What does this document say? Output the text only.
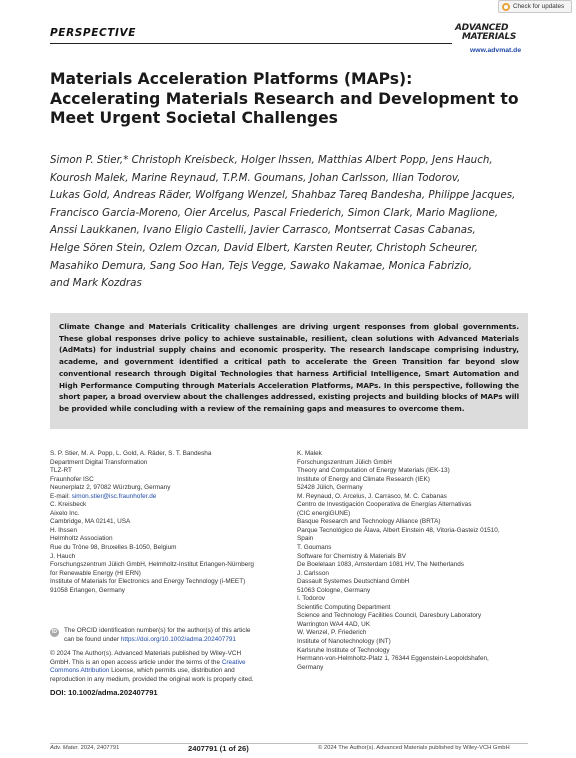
Check for updates
PERSPECTIVE	ADVANCED
MATERIALS
www.advmat.de
Materials Acceleration Platforms (MAPs): Accelerating Materials Research and Development to Meet Urgent Societal Challenges
Simon P. Stier,* Christoph Kreisbeck, Holger Ihssen, Matthias Albert Popp, Jens Hauch,
Kourosh Malek, Marine Reynaud, T.P.M. Goumans, Johan Carlsson, Ilian Todorov,
Lukas Gold, Andreas Räder, Wolfgang Wenzel, Shahbaz Tareq Bandesha, Philippe Jacques,
Francisco Garcia-Moreno, Oier Arcelus, Pascal Friederich, Simon Clark, Mario Maglione,
Anssi Laukkanen, Ivano Eligio Castelli, Javier Carrasco, Montserrat Casas Cabanas,
Helge Sören Stein, Ozlem Ozcan, David Elbert, Karsten Reuter, Christoph Scheurer,
Masahiko Demura, Sang Soo Han, Tejs Vegge, Sawako Nakamae, Monica Fabrizio,
and Mark Kozdras

Climate Change and Materials Criticality challenges are driving urgent responses from global governments. These global responses drive policy to achieve sustainable, resilient, clean solutions with Advanced Materials (AdMats) for industrial supply chains and economic prosperity. The research landscape comprising industry, academe, and government identified a critical path to accelerate the Green Transition far beyond slow conventional research through Digital Technologies that harness Artificial Intelligence, Smart Automation and High Performance Computing through Materials Acceleration Platforms, MAPs. In this perspective, following the short paper, a broad overview about the challenges addressed, existing projects and building blocks of MAPs will be provided while concluding with a review of the remaining gaps and measures to overcome them.

S. P. Stier, M. A. Popp, L. Gold, A. Räder, S. T. Bandesha
Department Digital Transformation
TLZ-RT
Fraunhofer ISC
Neunerplatz 2, 97082 Würzburg, Germany
E-mail: simon.stier@isc.fraunhofer.de
C. Kreisbeck
Aixelo Inc.
Cambridge, MA 02141, USA
H. Ihssen
Helmholtz Association
Rue du Trône 98, Bruxelles B-1050, Belgium
J. Hauch
Forschungszentrum Jülich GmbH, Helmholtz-Institut Erlangen-Nürnberg
for Renewable Energy (HI ERN)
Institute of Materials for Electronics and Energy Technology (i-MEET)
91058 Erlangen, Germany
K. Malek
Forschungszentrum Jülich GmbH
Theory and Computation of Energy Materials (IEK-13)
Institute of Energy and Climate Research (IEK)
52428 Jülich, Germany
M. Reynaud, O. Arcelus, J. Carrasco, M. C. Cabanas
Centro de Investigación Cooperativa de Energías Alternativas
(CIC energiGUNE)
Basque Research and Technology Alliance (BRTA)
Parque Tecnológico de Álava, Albert Einstein 48, Vitoria-Gasteiz 01510,
Spain
T. Goumans
Software for Chemistry & Materials BV
De Boelelaan 1083, Amsterdam 1081 HV, The Netherlands
J. Carlsson
Dassault Systemes Deutschland GmbH
51063 Cologne, Germany
I. Todorov
Scientific Computing Department
Science and Technology Facilities Council, Daresbury Laboratory
Warrington WA4 4AD, UK
W. Wenzel, P. Friederich
Institute of Nanotechnology (INT)
Karlsruhe Institute of Technology
Hermann-von-Helmholtz-Platz 1, 76344 Eggenstein-Leopoldshafen,
Germany
ID	The ORCID identification number(s) for the author(s) of this article
can be found under https://doi.org/10.1002/adma.202407791
© 2024 The Author(s). Advanced Materials published by Wiley-VCH
GmbH. This is an open access article under the terms of the Creative
Commons Attribution License, which permits use, distribution and
reproduction in any medium, provided the original work is properly cited.
DOI: 10.1002/adma.202407791
Adv. Mater. 2024, 2407791	2407791 (1 of 26)	© 2024 The Author(s). Advanced Materials published by Wiley-VCH GmbH
